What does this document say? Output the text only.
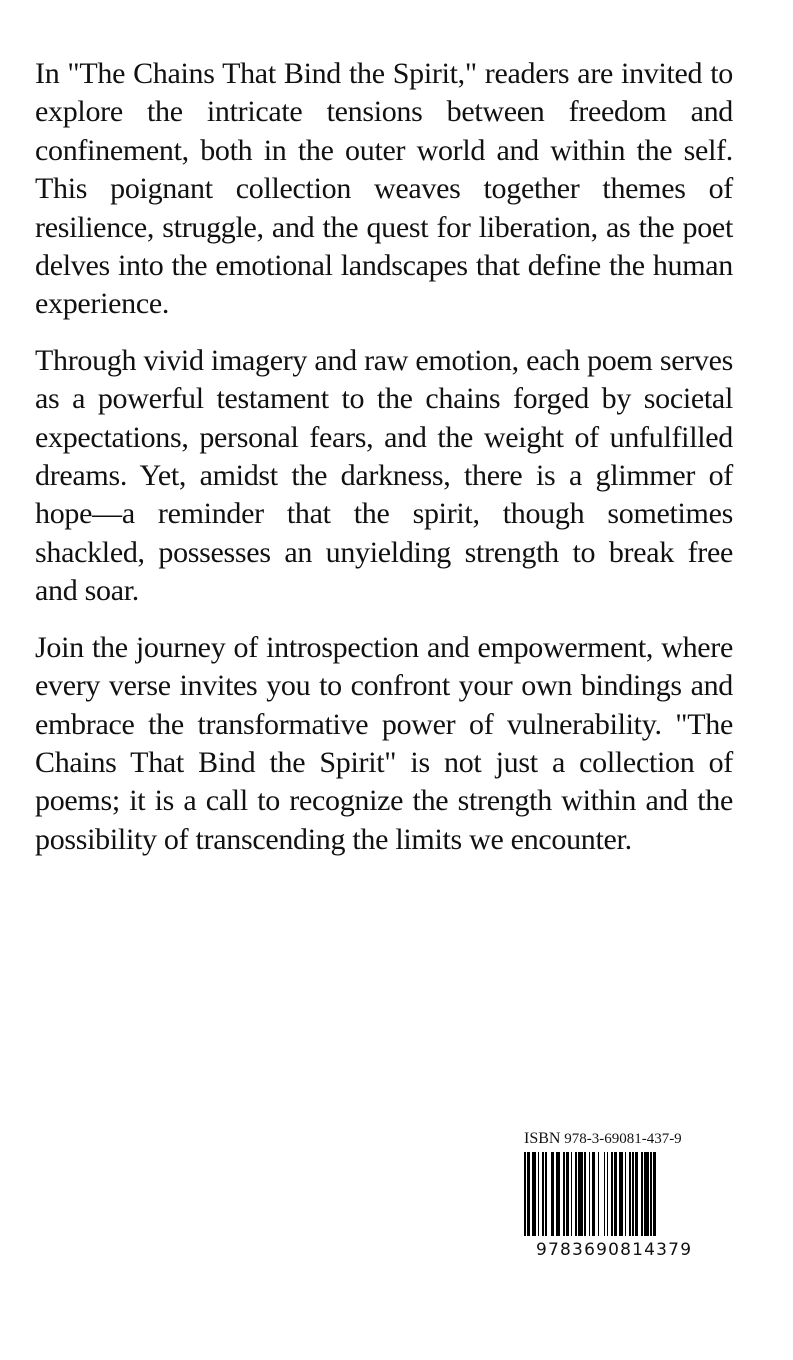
In "The Chains That Bind the Spirit," readers are invited to explore the intricate tensions between freedom and confinement, both in the outer world and within the self. This poignant collection weaves together themes of resilience, struggle, and the quest for liberation, as the poet delves into the emotional landscapes that define the human experience.

Through vivid imagery and raw emotion, each poem serves as a powerful testament to the chains forged by societal expectations, personal fears, and the weight of unfulfilled dreams. Yet, amidst the darkness, there is a glimmer of hope—a reminder that the spirit, though sometimes shackled, possesses an unyielding strength to break free and soar.

Join the journey of introspection and empowerment, where every verse invites you to confront your own bindings and embrace the transformative power of vulnerability. "The Chains That Bind the Spirit" is not just a collection of poems; it is a call to recognize the strength within and the possibility of transcending the limits we encounter.

ISBN 978-3-69081-437-9
9783690814379
